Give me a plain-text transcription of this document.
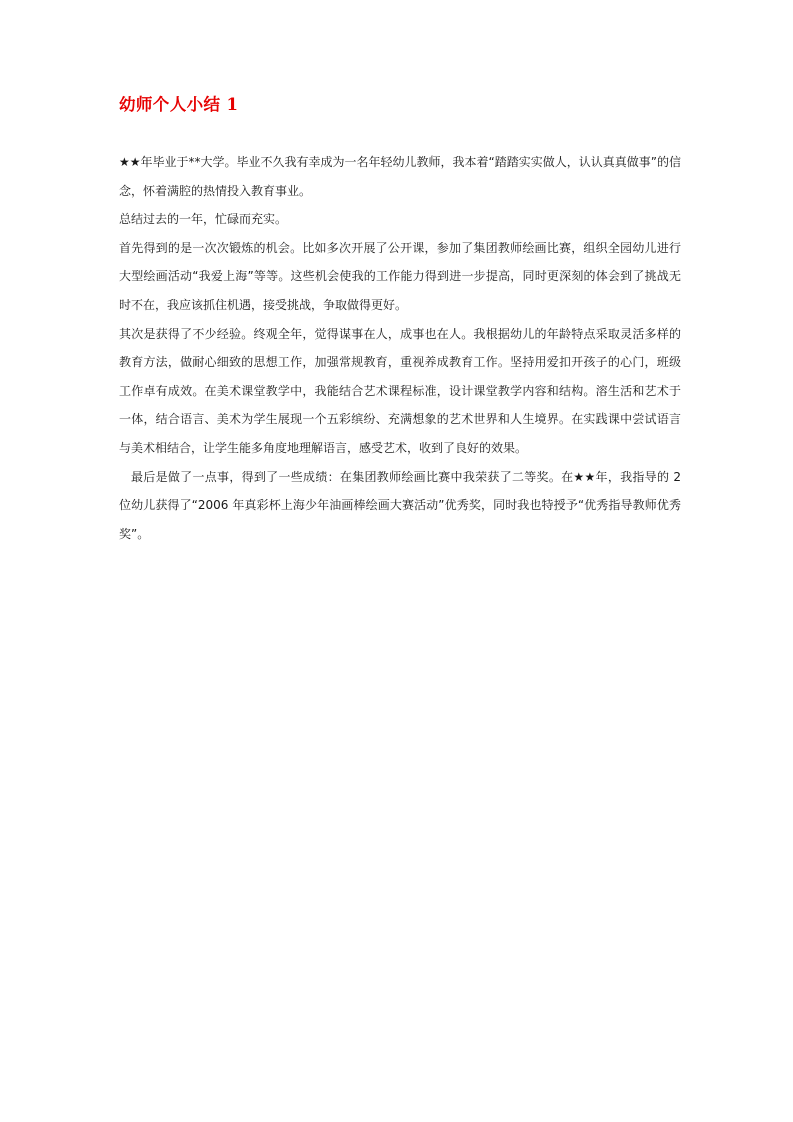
幼师个人小结 1

★★年毕业于**大学。毕业不久我有幸成为一名年轻幼儿教师，我本着“踏踏实实做人，认认真真做事”的信念，怀着满腔的热情投入教育事业。

总结过去的一年，忙碌而充实。

首先得到的是一次次锻炼的机会。比如多次开展了公开课，参加了集团教师绘画比赛，组织全园幼儿进行大型绘画活动“我爱上海”等等。这些机会使我的工作能力得到进一步提高，同时更深刻的体会到了挑战无时不在，我应该抓住机遇，接受挑战，争取做得更好。

其次是获得了不少经验。终观全年，觉得谋事在人，成事也在人。我根据幼儿的年龄特点采取灵活多样的教育方法，做耐心细致的思想工作，加强常规教育，重视养成教育工作。坚持用爱扣开孩子的心门，班级工作卓有成效。在美术课堂教学中，我能结合艺术课程标准，设计课堂教学内容和结构。溶生活和艺术于一体，结合语言、美术为学生展现一个五彩缤纷、充满想象的艺术世界和人生境界。在实践课中尝试语言与美术相结合，让学生能多角度地理解语言，感受艺术，收到了良好的效果。

最后是做了一点事，得到了一些成绩：在集团教师绘画比赛中我荣获了二等奖。在★★年，我指导的 2 位幼儿获得了“2006 年真彩杯上海少年油画棒绘画大赛活动”优秀奖，同时我也特授予“优秀指导教师优秀奖”。
